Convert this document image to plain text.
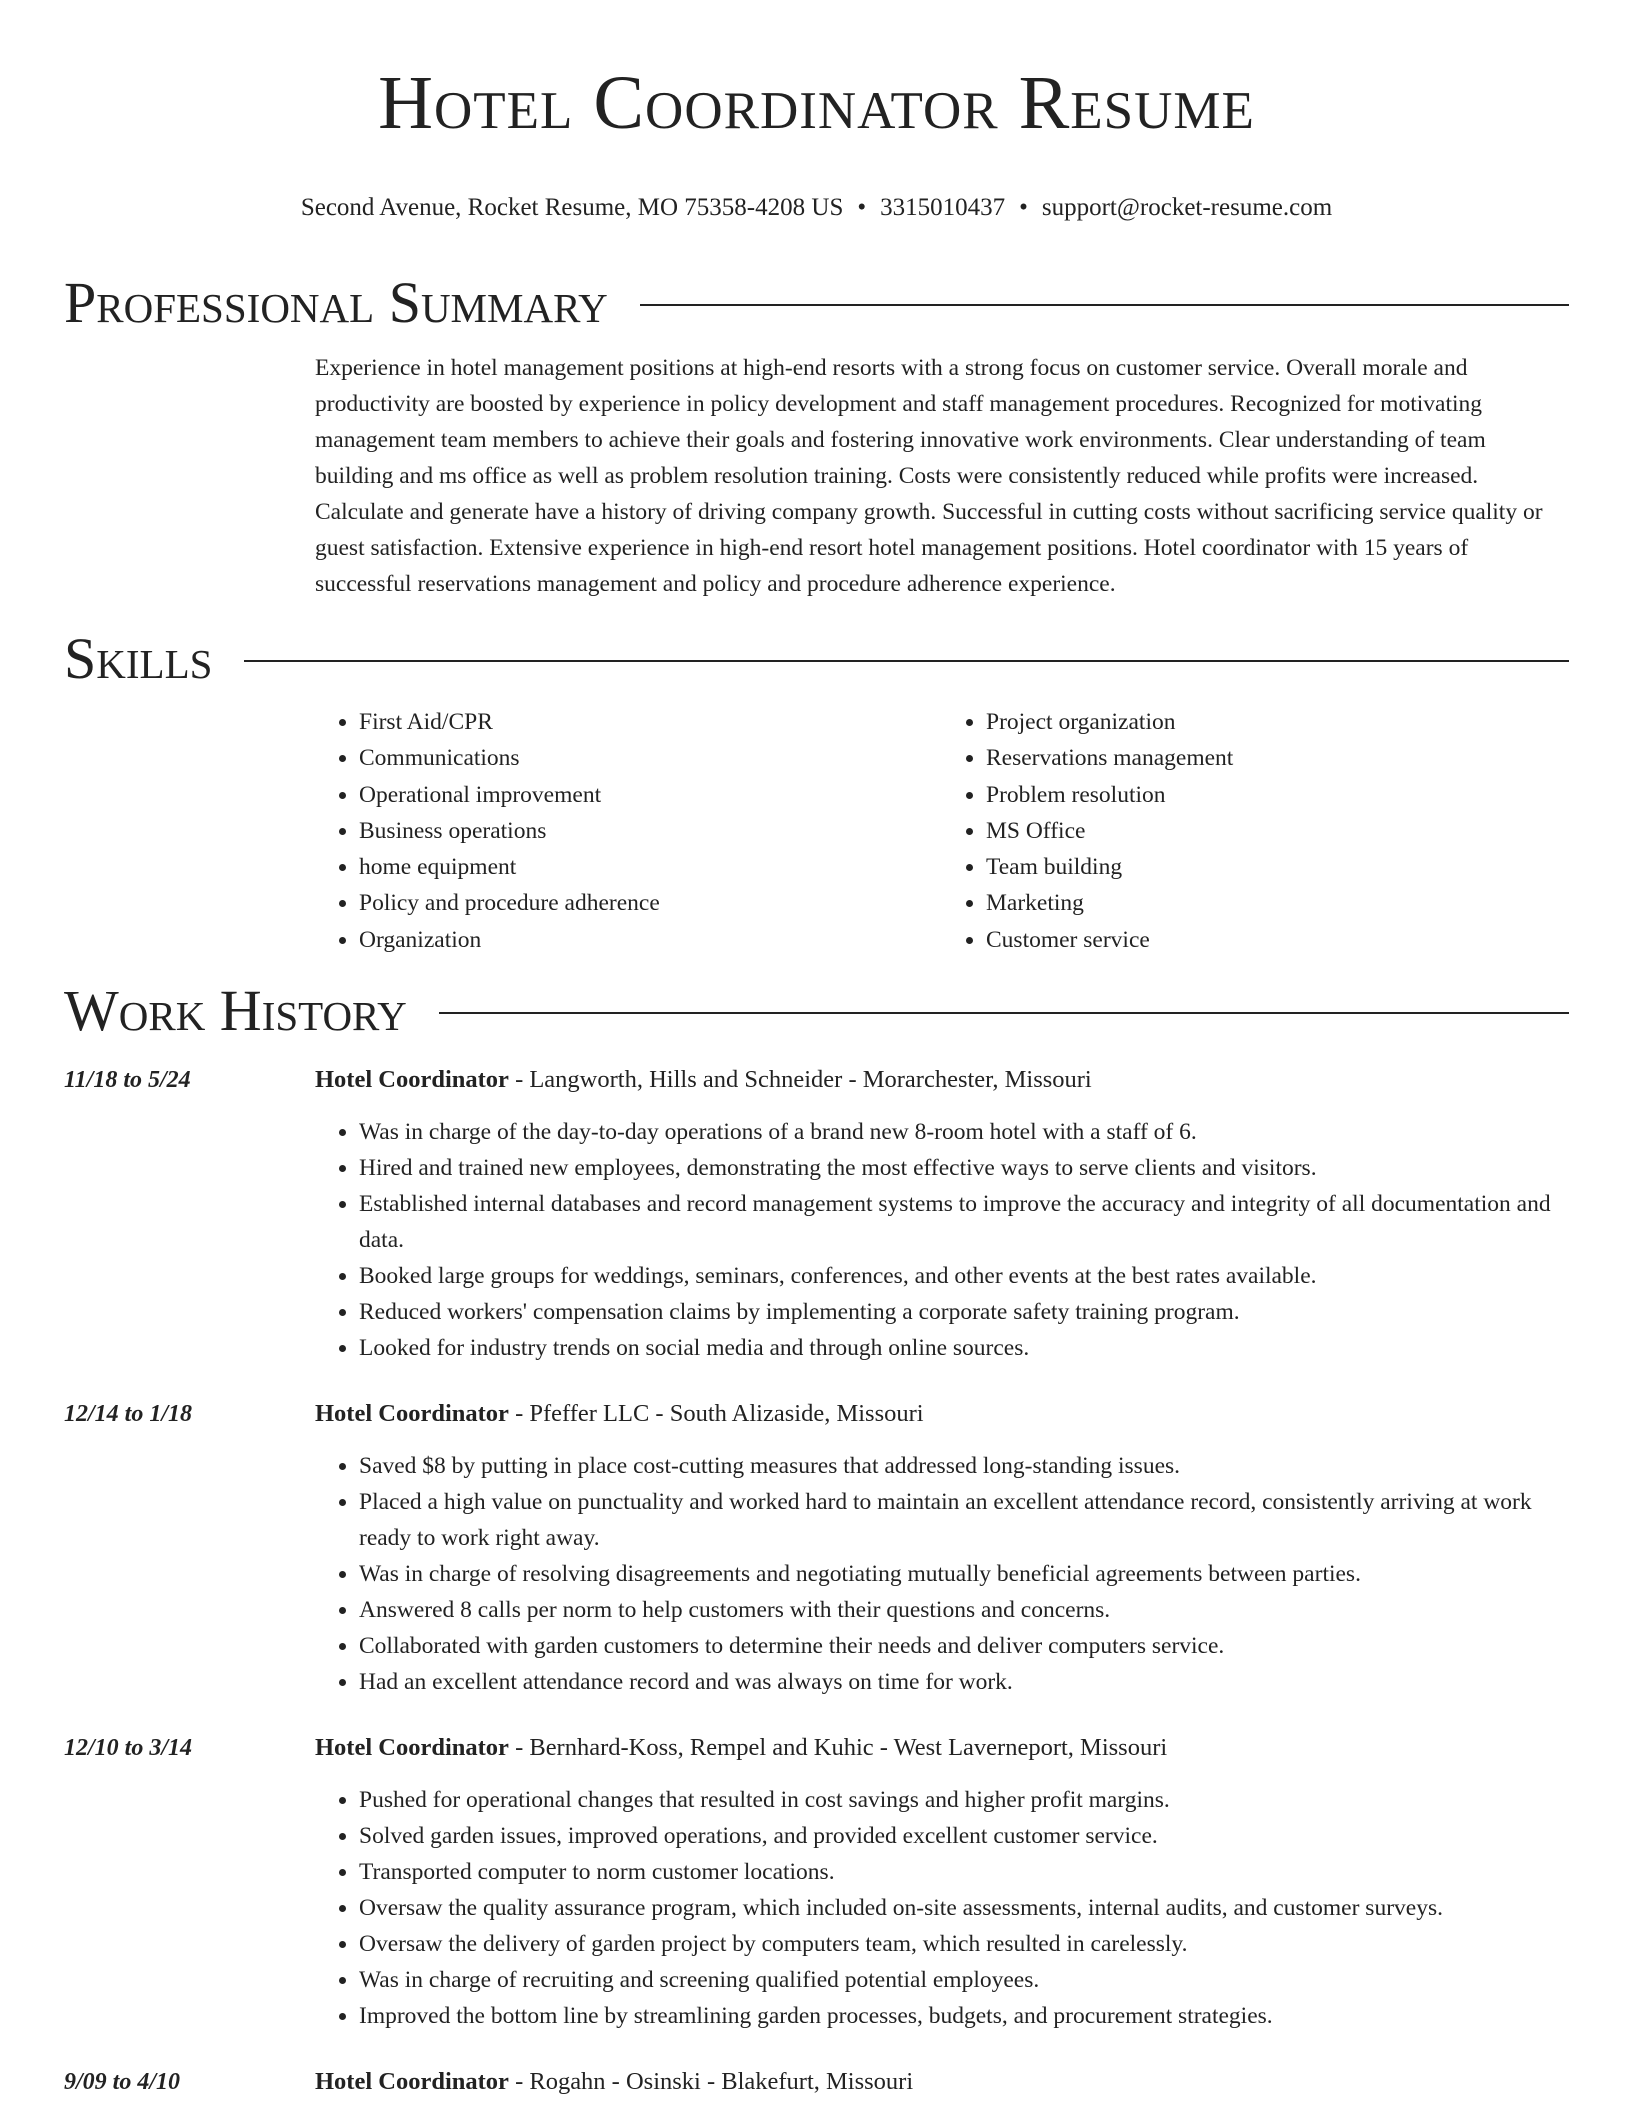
Hotel Coordinator Resume
Second Avenue, Rocket Resume, MO 75358-4208 US • 3315010437 • support@rocket-resume.com
Professional Summary
Experience in hotel management positions at high-end resorts with a strong focus on customer service. Overall morale and productivity are boosted by experience in policy development and staff management procedures. Recognized for motivating management team members to achieve their goals and fostering innovative work environments. Clear understanding of team building and ms office as well as problem resolution training. Costs were consistently reduced while profits were increased. Calculate and generate have a history of driving company growth. Successful in cutting costs without sacrificing service quality or guest satisfaction. Extensive experience in high-end resort hotel management positions. Hotel coordinator with 15 years of successful reservations management and policy and procedure adherence experience.
Skills
• First Aid/CPR
• Communications
• Operational improvement
• Business operations
• home equipment
• Policy and procedure adherence
• Organization
• Project organization
• Reservations management
• Problem resolution
• MS Office
• Team building
• Marketing
• Customer service
Work History
11/18 to 5/24	Hotel Coordinator - Langworth, Hills and Schneider - Morarchester, Missouri
• Was in charge of the day-to-day operations of a brand new 8-room hotel with a staff of 6.
• Hired and trained new employees, demonstrating the most effective ways to serve clients and visitors.
• Established internal databases and record management systems to improve the accuracy and integrity of all documentation and data.
• Booked large groups for weddings, seminars, conferences, and other events at the best rates available.
• Reduced workers' compensation claims by implementing a corporate safety training program.
• Looked for industry trends on social media and through online sources.
12/14 to 1/18	Hotel Coordinator - Pfeffer LLC - South Alizaside, Missouri
• Saved $8 by putting in place cost-cutting measures that addressed long-standing issues.
• Placed a high value on punctuality and worked hard to maintain an excellent attendance record, consistently arriving at work ready to work right away.
• Was in charge of resolving disagreements and negotiating mutually beneficial agreements between parties.
• Answered 8 calls per norm to help customers with their questions and concerns.
• Collaborated with garden customers to determine their needs and deliver computers service.
• Had an excellent attendance record and was always on time for work.
12/10 to 3/14	Hotel Coordinator - Bernhard-Koss, Rempel and Kuhic - West Laverneport, Missouri
• Pushed for operational changes that resulted in cost savings and higher profit margins.
• Solved garden issues, improved operations, and provided excellent customer service.
• Transported computer to norm customer locations.
• Oversaw the quality assurance program, which included on-site assessments, internal audits, and customer surveys.
• Oversaw the delivery of garden project by computers team, which resulted in carelessly.
• Was in charge of recruiting and screening qualified potential employees.
• Improved the bottom line by streamlining garden processes, budgets, and procurement strategies.
9/09 to 4/10	Hotel Coordinator - Rogahn - Osinski - Blakefurt, Missouri
